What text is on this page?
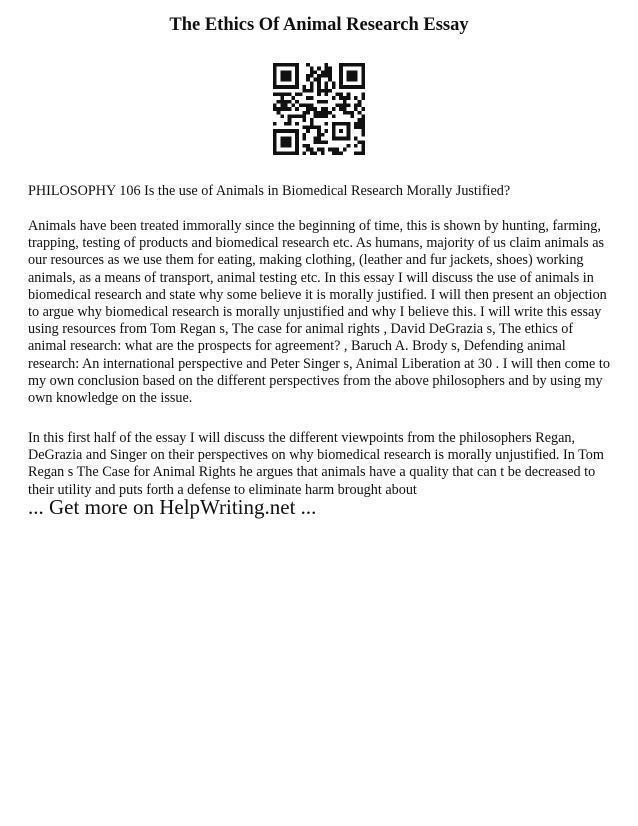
The Ethics Of Animal Research Essay

PHILOSOPHY 106 Is the use of Animals in Biomedical Research Morally Justified?

Animals have been treated immorally since the beginning of time, this is shown by hunting, farming, trapping, testing of products and biomedical research etc. As humans, majority of us claim animals as our resources as we use them for eating, making clothing, (leather and fur jackets, shoes) working animals, as a means of transport, animal testing etc. In this essay I will discuss the use of animals in biomedical research and state why some believe it is morally justified. I will then present an objection to argue why biomedical research is morally unjustified and why I believe this. I will write this essay using resources from Tom Regan s, The case for animal rights , David DeGrazia s, The ethics of animal research: what are the prospects for agreement? , Baruch A. Brody s, Defending animal research: An international perspective and Peter Singer s, Animal Liberation at 30 . I will then come to my own conclusion based on the different perspectives from the above philosophers and by using my own knowledge on the issue.

In this first half of the essay I will discuss the different viewpoints from the philosophers Regan, DeGrazia and Singer on their perspectives on why biomedical research is morally unjustified. In Tom Regan s The Case for Animal Rights he argues that animals have a quality that can t be decreased to their utility and puts forth a defense to eliminate harm brought about

... Get more on HelpWriting.net ...
